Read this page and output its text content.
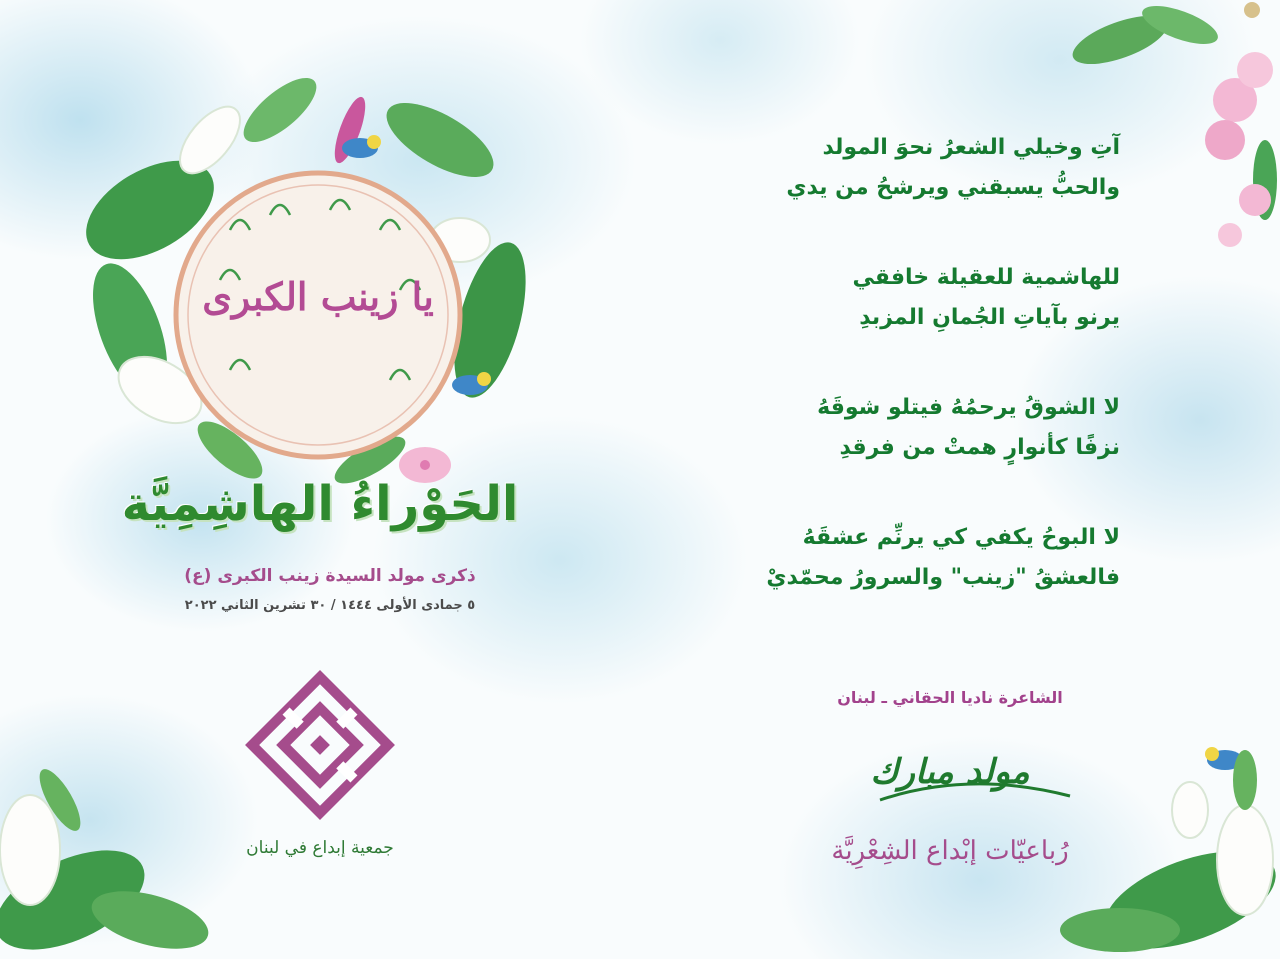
يا زينب الكبرى
الحَوْراءُ الهاشِمِيَّة

ذكرى مولد السيدة زينب الكبرى (ع)

٥ جمادى الأولى ١٤٤٤ / ٣٠ تشرين الثاني ٢٠٢٢

جمعية إبداع في لبنان

آتِ وخيلي الشعرُ نحوَ المولد
والحبُّ يسبقني ويرشحُ من يدي
للهاشمية للعقيلة خافقي
يرنو بآياتِ الجُمانِ المزبدِ
لا الشوقُ يرحمُهُ فيتلو شوقَهُ
نزفًا كأنوارٍ همتْ من فرقدِ
لا البوحُ يكفي كي يرنِّم عشقَهُ
فالعشقُ "زينب" والسرورُ محمّديْ

الشاعرة ناديا الحقاني ـ لبنان

مولد مبارك

رُباعيّات إبْداع الشِعْرِيَّة
